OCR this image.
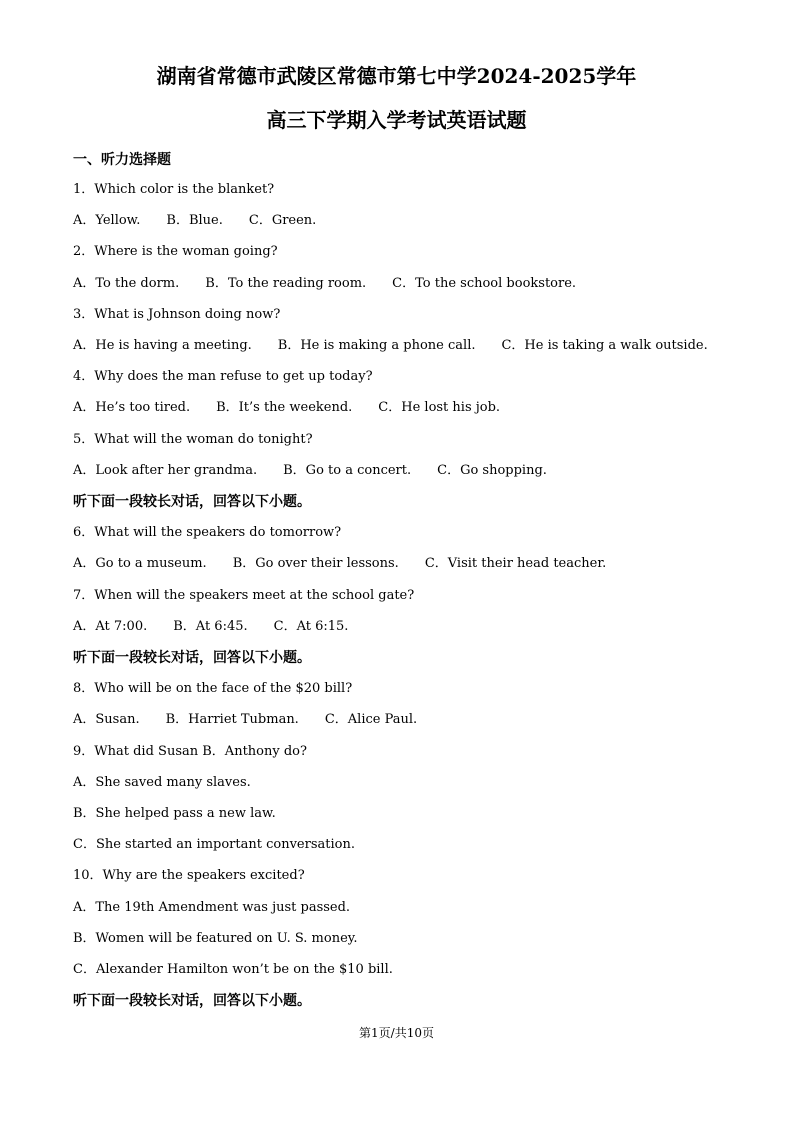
湖南省常德市武陵区常德市第七中学2024-2025学年
高三下学期入学考试英语试题
一、听力选择题
1．Which color is the blanket?
A．Yellow. B．Blue. C．Green.
2．Where is the woman going?
A．To the dorm. B．To the reading room. C．To the school bookstore.
3．What is Johnson doing now?
A．He is having a meeting. B．He is making a phone call. C．He is taking a walk outside.
4．Why does the man refuse to get up today?
A．He’s too tired. B．It’s the weekend. C．He lost his job.
5．What will the woman do tonight?
A．Look after her grandma. B．Go to a concert. C．Go shopping.
听下面一段较长对话，回答以下小题。
6．What will the speakers do tomorrow?
A．Go to a museum. B．Go over their lessons. C．Visit their head teacher.
7．When will the speakers meet at the school gate?
A．At 7:00. B．At 6:45. C．At 6:15.
听下面一段较长对话，回答以下小题。
8．Who will be on the face of the $20 bill?
A．Susan. B．Harriet Tubman. C．Alice Paul.
9．What did Susan B．Anthony do?
A．She saved many slaves.
B．She helped pass a new law.
C．She started an important conversation.
10．Why are the speakers excited?
A．The 19th Amendment was just passed.
B．Women will be featured on U. S. money.
C．Alexander Hamilton won’t be on the $10 bill.
听下面一段较长对话，回答以下小题。
第1页/共10页
